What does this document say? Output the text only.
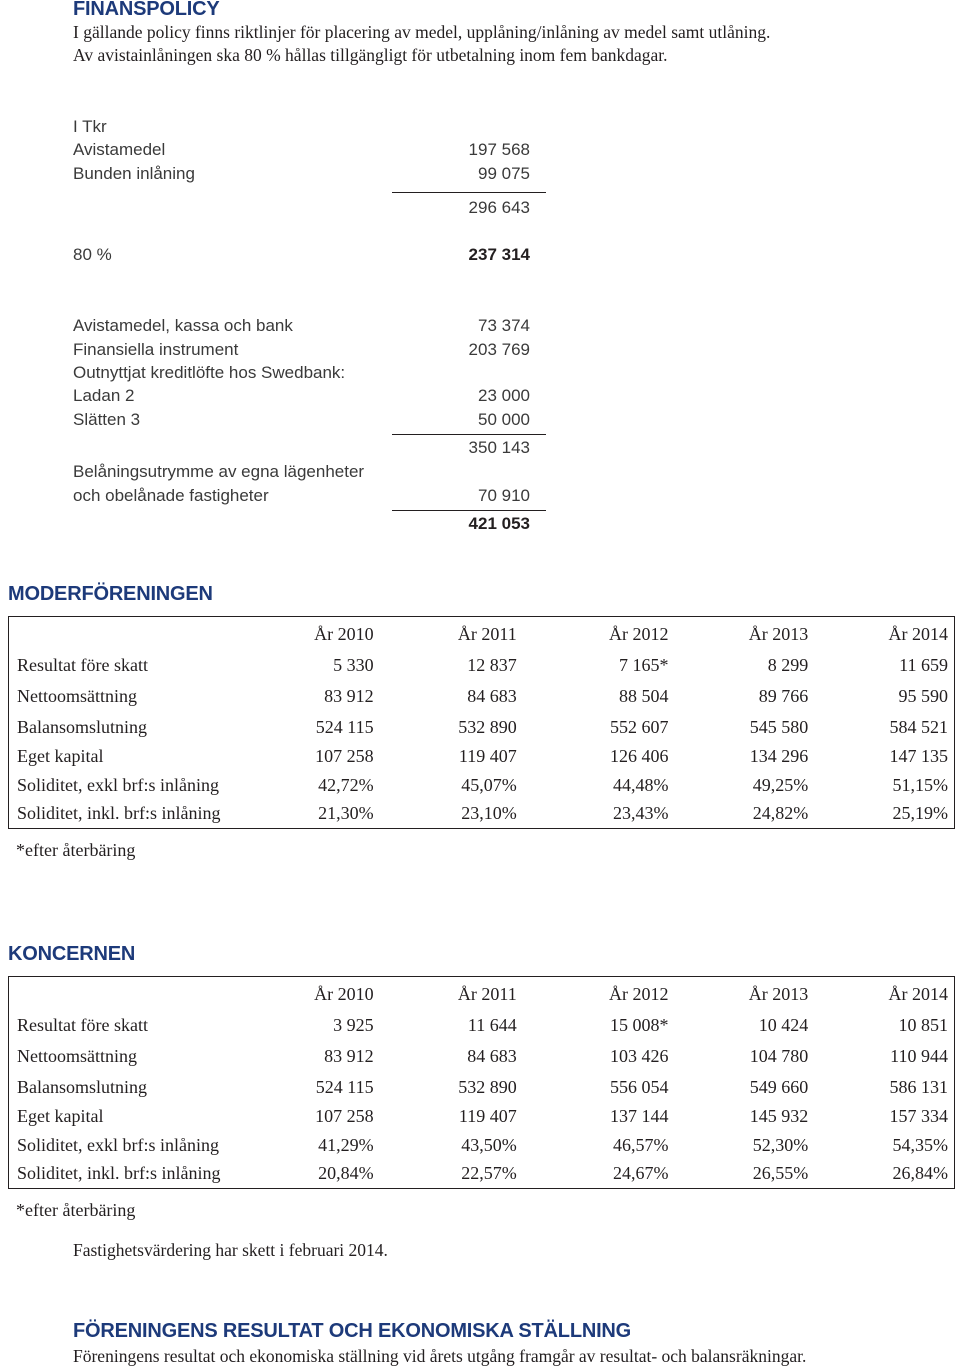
FINANSPOLICY
I gällande policy finns riktlinjer för placering av medel, upplåning/inlåning av medel samt utlåning.
Av avistainlåningen ska 80 % hållas tillgängligt för utbetalning inom fem bankdagar.
I Tkr
Avistamedel	197 568
Bunden inlåning	99 075
296 643
80 %	237 314
Avistamedel, kassa och bank	73 374
Finansiella instrument	203 769
Outnyttjat kreditlöfte hos Swedbank:
Ladan 2	23 000
Slätten 3	50 000
350 143
Belåningsutrymme av egna lägenheter
och obelånade fastigheter	70 910
421 053
MODERFÖRENINGEN
	År 2010	År 2011	År 2012	År 2013	År 2014
Resultat före skatt	5 330	12 837	7 165*	8 299	11 659
Nettoomsättning	83 912	84 683	88 504	89 766	95 590
Balansomslutning	524 115	532 890	552 607	545 580	584 521
Eget kapital	107 258	119 407	126 406	134 296	147 135
Soliditet, exkl brf:s inlåning	42,72%	45,07%	44,48%	49,25%	51,15%
Soliditet, inkl. brf:s inlåning	21,30%	23,10%	23,43%	24,82%	25,19%
*efter återbäring
KONCERNEN
	År 2010	År 2011	År 2012	År 2013	År 2014
Resultat före skatt	3 925	11 644	15 008*	10 424	10 851
Nettoomsättning	83 912	84 683	103 426	104 780	110 944
Balansomslutning	524 115	532 890	556 054	549 660	586 131
Eget kapital	107 258	119 407	137 144	145 932	157 334
Soliditet, exkl brf:s inlåning	41,29%	43,50%	46,57%	52,30%	54,35%
Soliditet, inkl. brf:s inlåning	20,84%	22,57%	24,67%	26,55%	26,84%
*efter återbäring
Fastighetsvärdering har skett i februari 2014.
FÖRENINGENS RESULTAT OCH EKONOMISKA STÄLLNING
Föreningens resultat och ekonomiska ställning vid årets utgång framgår av resultat- och balansräkningar.
